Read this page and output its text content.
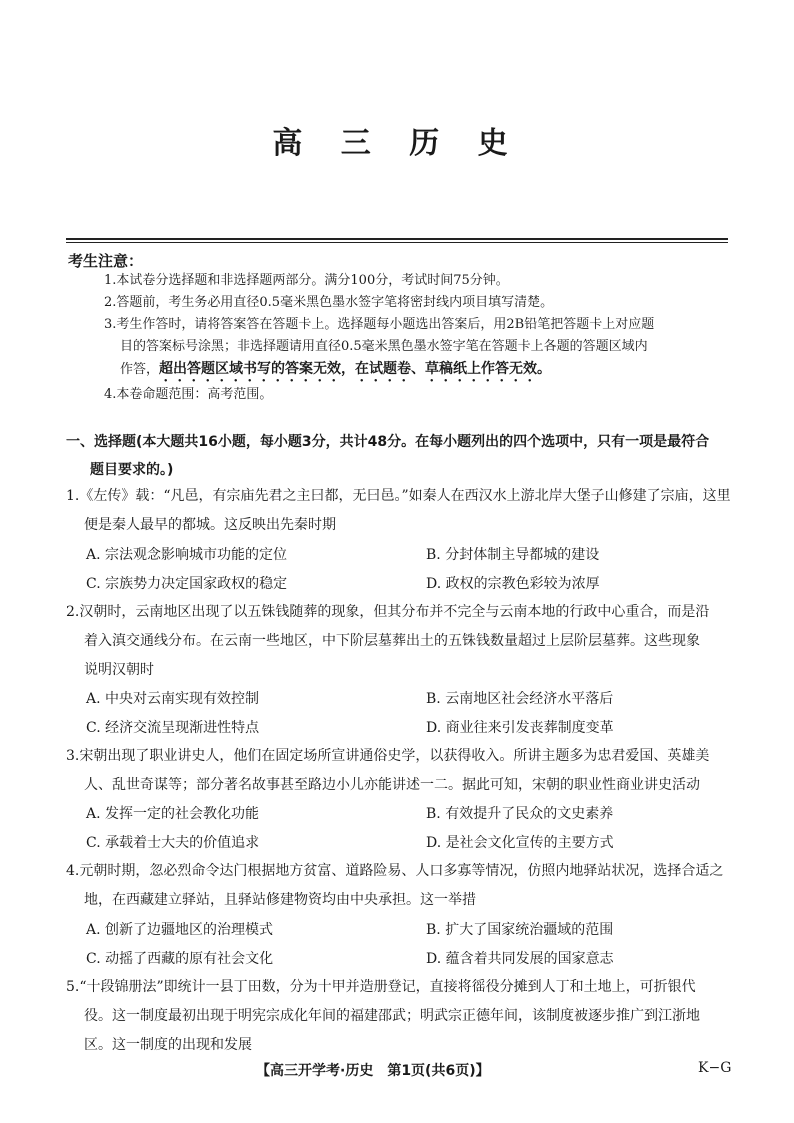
高 三 历 史
考生注意：
1.本试卷分选择题和非选择题两部分。满分100分，考试时间75分钟。
2.答题前，考生务必用直径0.5毫米黑色墨水签字笔将密封线内项目填写清楚。
3.考生作答时，请将答案答在答题卡上。选择题每小题选出答案后，用2B铅笔把答题卡上对应题
目的答案标号涂黑；非选择题请用直径0.5毫米黑色墨水签字笔在答题卡上各题的答题区域内
作答，超出答题区域书写的答案无效，在试题卷、草稿纸上作答无效。
4.本卷命题范围：高考范围。
一、选择题(本大题共16小题，每小题3分，共计48分。在每小题列出的四个选项中，只有一项是最符合
题目要求的。)
1.《左传》载：“凡邑，有宗庙先君之主曰都，无曰邑。”如秦人在西汉水上游北岸大堡子山修建了宗庙，这里
便是秦人最早的都城。这反映出先秦时期
A. 宗法观念影响城市功能的定位	B. 分封体制主导都城的建设
C. 宗族势力决定国家政权的稳定	D. 政权的宗教色彩较为浓厚
2.汉朝时，云南地区出现了以五铢钱随葬的现象，但其分布并不完全与云南本地的行政中心重合，而是沿
着入滇交通线分布。在云南一些地区，中下阶层墓葬出土的五铢钱数量超过上层阶层墓葬。这些现象
说明汉朝时
A. 中央对云南实现有效控制	B. 云南地区社会经济水平落后
C. 经济交流呈现渐进性特点	D. 商业往来引发丧葬制度变革
3.宋朝出现了职业讲史人，他们在固定场所宣讲通俗史学，以获得收入。所讲主题多为忠君爱国、英雄美
人、乱世奇谋等；部分著名故事甚至路边小儿亦能讲述一二。据此可知，宋朝的职业性商业讲史活动
A. 发挥一定的社会教化功能	B. 有效提升了民众的文史素养
C. 承载着士大夫的价值追求	D. 是社会文化宣传的主要方式
4.元朝时期，忽必烈命令达门根据地方贫富、道路险易、人口多寡等情况，仿照内地驿站状况，选择合适之
地，在西藏建立驿站，且驿站修建物资均由中央承担。这一举措
A. 创新了边疆地区的治理模式	B. 扩大了国家统治疆域的范围
C. 动摇了西藏的原有社会文化	D. 蕴含着共同发展的国家意志
5.“十段锦册法”即统计一县丁田数，分为十甲并造册登记，直接将徭役分摊到人丁和土地上，可折银代
役。这一制度最初出现于明宪宗成化年间的福建邵武；明武宗正德年间，该制度被逐步推广到江浙地
区。这一制度的出现和发展
【高三开学考·历史　第1页(共6页)】	K−G
